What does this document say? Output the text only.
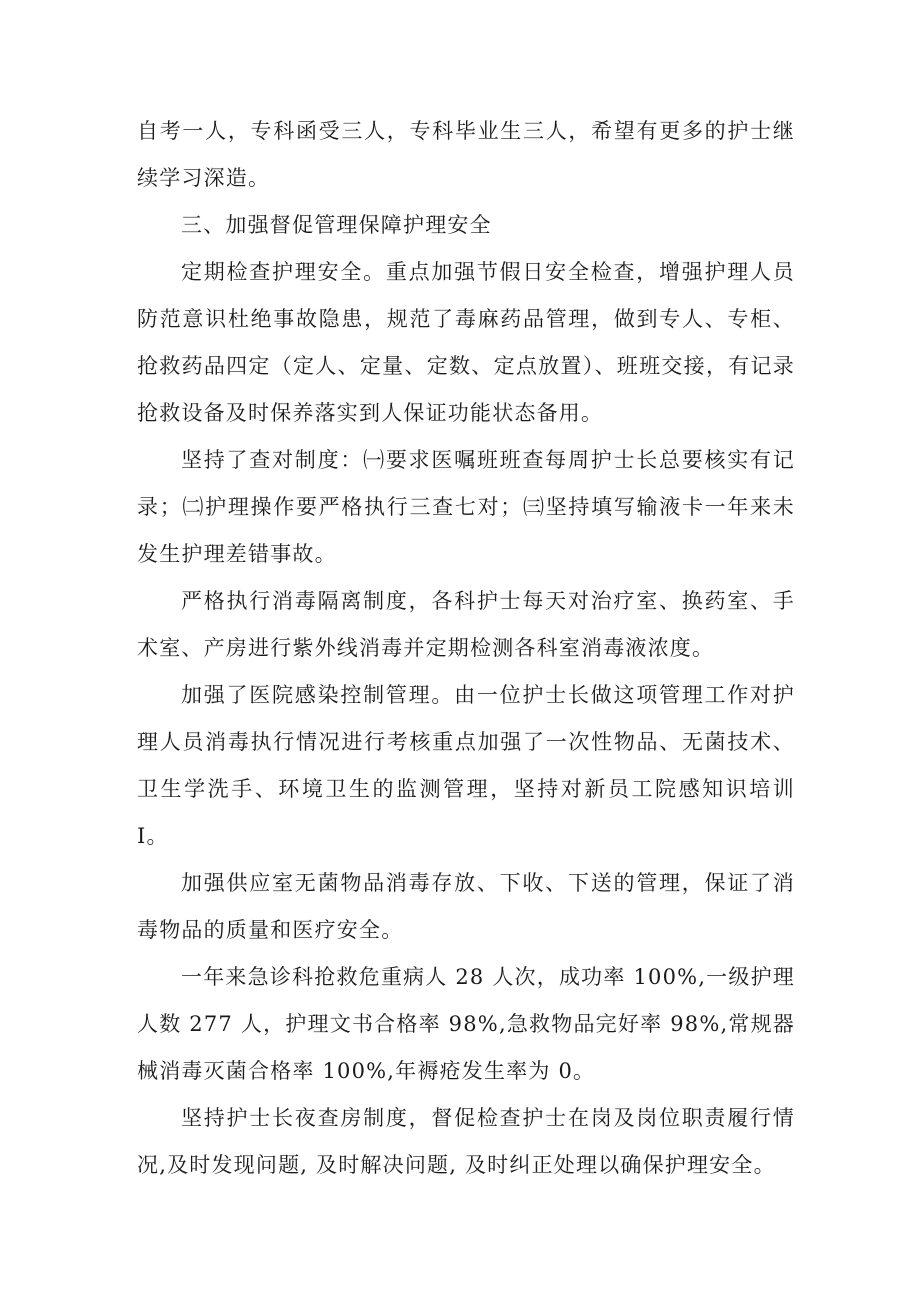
自考一人，专科函受三人，专科毕业生三人，希望有更多的护士继续学习深造。

三、加强督促管理保障护理安全

定期检查护理安全。重点加强节假日安全检查，增强护理人员防范意识杜绝事故隐患，规范了毒麻药品管理，做到专人、专柜、抢救药品四定（定人、定量、定数、定点放置）、班班交接，有记录抢救设备及时保养落实到人保证功能状态备用。

坚持了查对制度：㈠要求医嘱班班查每周护士长总要核实有记录；㈡护理操作要严格执行三查七对；㈢坚持填写输液卡一年来未发生护理差错事故。

严格执行消毒隔离制度，各科护士每天对治疗室、换药室、手术室、产房进行紫外线消毒并定期检测各科室消毒液浓度。

加强了医院感染控制管理。由一位护士长做这项管理工作对护理人员消毒执行情况进行考核重点加强了一次性物品、无菌技术、卫生学洗手、环境卫生的监测管理，坚持对新员工院感知识培训 I。

加强供应室无菌物品消毒存放、下收、下送的管理，保证了消毒物品的质量和医疗安全。

一年来急诊科抢救危重病人 28 人次，成功率 100%,一级护理人数 277 人，护理文书合格率 98%,急救物品完好率 98%,常规器械消毒灭菌合格率 100%,年褥疮发生率为 0。

坚持护士长夜查房制度，督促检查护士在岗及岗位职责履行情况,及时发现问题, 及时解决问题, 及时纠正处理以确保护理安全。
